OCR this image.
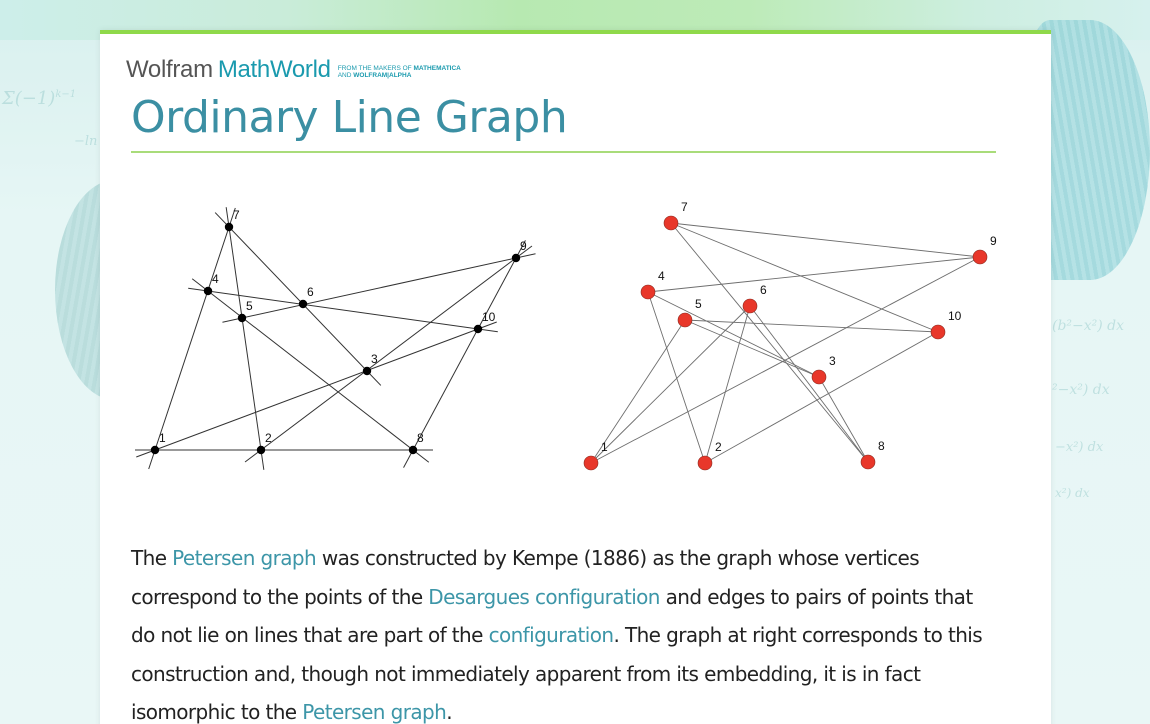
$\Sigma(-1)^{k-1}$
−ln
(b²−x²) dx
²−x²) dx
−x²) dx
x²) dx
Wolfram MathWorld FROM THE MAKERS OF MATHEMATICA
AND WOLFRAM|ALPHA
Ordinary Line Graph
1	2
3
4
5
6
7
8
9
10
1	2
3
4
5
6
7
8
9
10

The Petersen graph was constructed by Kempe (1886) as the graph whose vertices correspond to the points of the Desargues configuration and edges to pairs of points that do not lie on lines that are part of the configuration. The graph at right corresponds to this construction and, though not immediately apparent from its embedding, it is in fact isomorphic to the Petersen graph.
